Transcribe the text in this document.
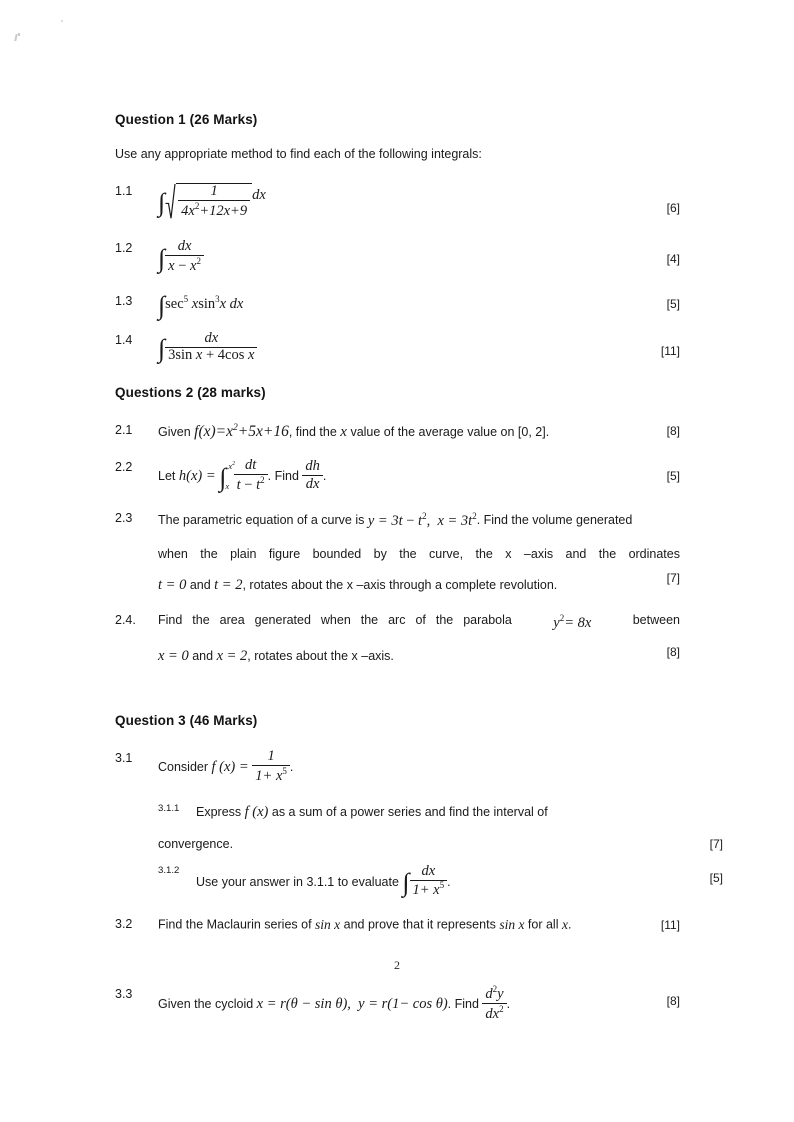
Question 1 (26 Marks)

Use any appropriate method to find each of the following integrals:

1.1 ∫ $\frac{1}{4x^2+12x+9}$ dx
[6]
1.2 ∫ $\frac{dx}{x - x^2}$	[4]
1.3 $\int\sec^5$ xsin$^3$x dx	[5]
1.4 ∫ $\frac{dx}{\text{3sin x + 4cos x}}$	[11]
Questions 2 (28 marks)
2.1	Given $f(x)=x^2+5x+16$, find the x value of the average value on [0, 2].	[8]
2.2
Let h(x) = ∫ $x^2$
x
$\frac{dt}{t - t^2}$ . Find $\frac{dh}{dx}$ .	[5]
2.3	The parametric equation of a curve is $y = 3t - t^2$, $x = 3t^2$. Find the volume generated
when the plain figure bounded by the curve, the x –axis and the ordinates
t = 0 and t = 2, rotates about the x –axis through a complete revolution.
[7]
2.4.	Find the area generated when the arc of the parabola	$y^2= 8x$	between
x = 0 and x = 2, rotates about the x –axis.	[8]
Question 3 (46 Marks)
3.1
Consider f $(x) = \frac{1}{1+ x^5}$ .
3.1.1	Express f (x) as a sum of a power series and find the interval of
convergence.	[7]
3.1.2
Use your answer in 3.1.1 to evaluate ∫ $\frac{dx}{1+ x^5}$ .	[5]
3.2	Find the Maclaurin series of sin x and prove that it represents sin x for all x.	[11]
3.3
Given the cycloid x = r(θ − sin θ), y = r(1− cos θ). Find $\frac{d^2y}{dx^2}$ .	[8]
2
